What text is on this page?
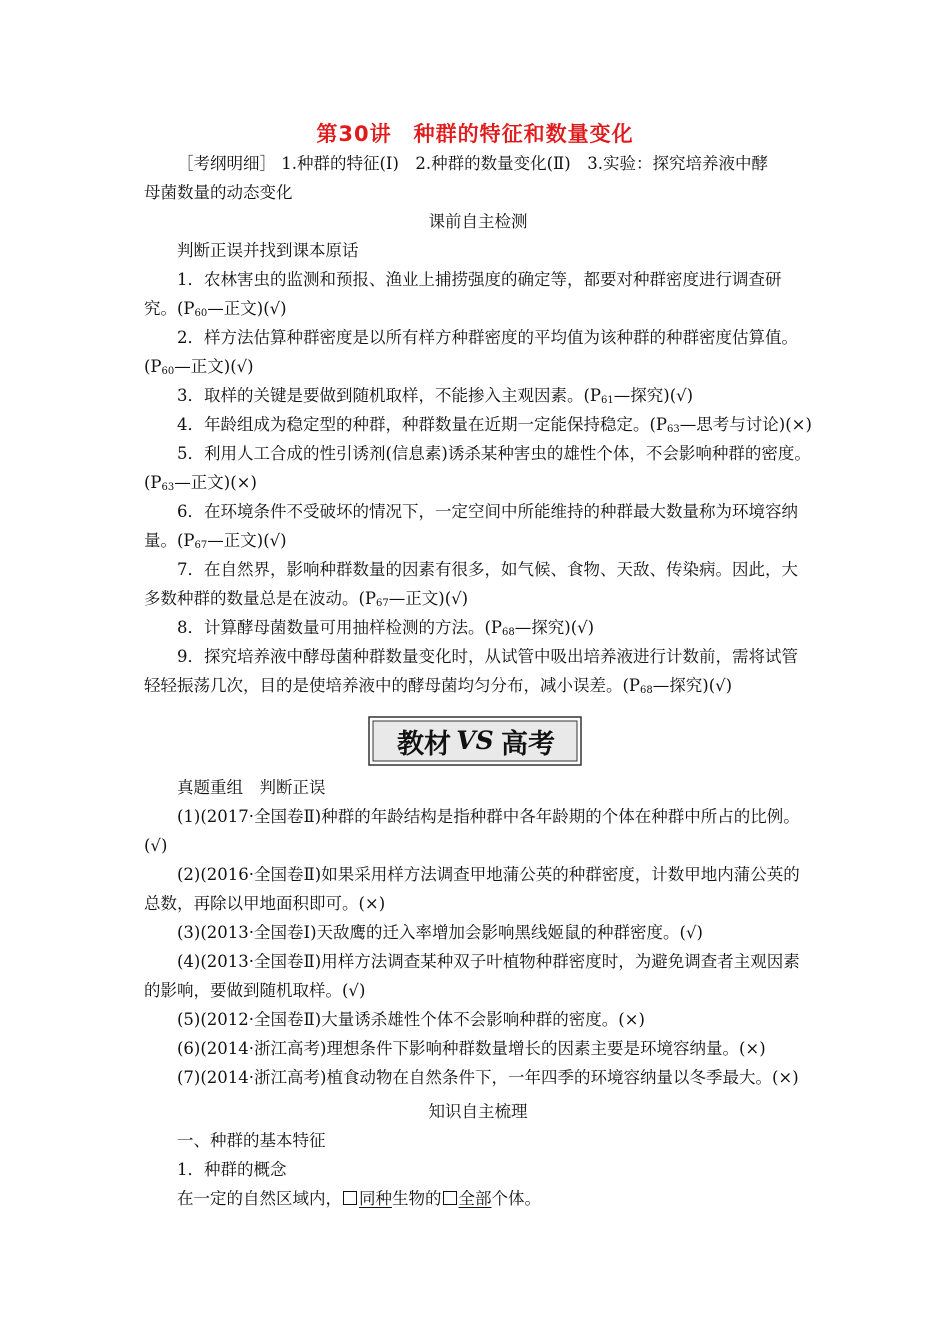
第30讲 种群的特征和数量变化

［考纲明细］ 1.种群的特征(Ⅰ)　2.种群的数量变化(Ⅱ)　3.实验：探究培养液中酵

母菌数量的动态变化

课前自主检测

判断正误并找到课本原话

1．农林害虫的监测和预报、渔业上捕捞强度的确定等，都要对种群密度进行调查研究。($P_{60}—$正文)(√)

2．样方法估算种群密度是以所有样方种群密度的平均值为该种群的种群密度估算值。($P_{60}—$正文)(√)

3．取样的关键是要做到随机取样，不能掺入主观因素。($P_{61}—$探究)(√)

4．年龄组成为稳定型的种群，种群数量在近期一定能保持稳定。($P_{63}—$思考与讨论)(×)

5．利用人工合成的性引诱剂(信息素)诱杀某种害虫的雄性个体，不会影响种群的密度。($P_{63}—$正文)(×)

6．在环境条件不受破坏的情况下，一定空间中所能维持的种群最大数量称为环境容纳量。($P_{67}—$正文)(√)

7．在自然界，影响种群数量的因素有很多，如气候、食物、天敌、传染病。因此，大多数种群的数量总是在波动。($P_{67}—$正文)(√)

8．计算酵母菌数量可用抽样检测的方法。($P_{68}—$探究)(√)

9．探究培养液中酵母菌种群数量变化时，从试管中吸出培养液进行计数前，需将试管轻轻振荡几次，目的是使培养液中的酵母菌均匀分布，减小误差。($P_{68}—$探究)(√)

教材 VS 高考

真题重组　判断正误

(1)(2017·全国卷Ⅱ)种群的年龄结构是指种群中各年龄期的个体在种群中所占的比例。(√)

(2)(2016·全国卷Ⅱ)如果采用样方法调查甲地蒲公英的种群密度，计数甲地内蒲公英的总数，再除以甲地面积即可。(×)

(3)(2013·全国卷Ⅰ)天敌鹰的迁入率增加会影响黑线姬鼠的种群密度。(√)

(4)(2013·全国卷Ⅱ)用样方法调查某种双子叶植物种群密度时，为避免调查者主观因素的影响，要做到随机取样。(√)

(5)(2012·全国卷Ⅱ)大量诱杀雄性个体不会影响种群的密度。(×)

(6)(2014·浙江高考)理想条件下影响种群数量增长的因素主要是环境容纳量。(×)

(7)(2014·浙江高考)植食动物在自然条件下，一年四季的环境容纳量以冬季最大。(×)

知识自主梳理

一、种群的基本特征

1．种群的概念

在一定的自然区域内， 同种生物的 全部个体。
